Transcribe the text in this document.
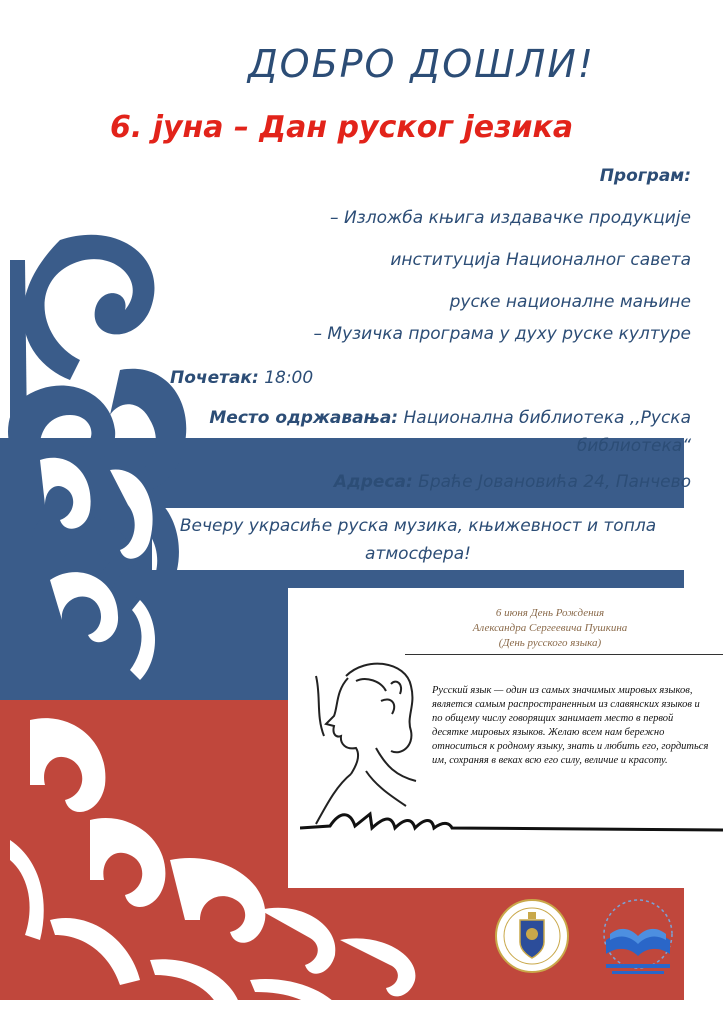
ДОБРО ДОШЛИ!
6. јуна – Дан руског језика
Програм:
– Изложба књига издавачке продукције
институција Националног савета
руске националне мањине
– Музичка програма у духу руске културе
Почетак: 18:00
Место одржавања: Национална библиотека ,,Руска
библиотека“
Адреса: Браће Јовановића 24, Панчево
Вечеру украсиће руска музика, књижевност и топла
атмосфера!
6 июня День Рождения
Александра Сергеевича Пушкина
(День русского языка)
Русский язык — один из самых значимых мировых языков, является самым распространенным из славянских языков и по общему числу говорящих занимает место в первой десятке мировых языков. Желаю всем нам бережно относиться к родному языку, знать и любить его, гордиться им, сохраняя в веках всю его силу, величие и красоту.
